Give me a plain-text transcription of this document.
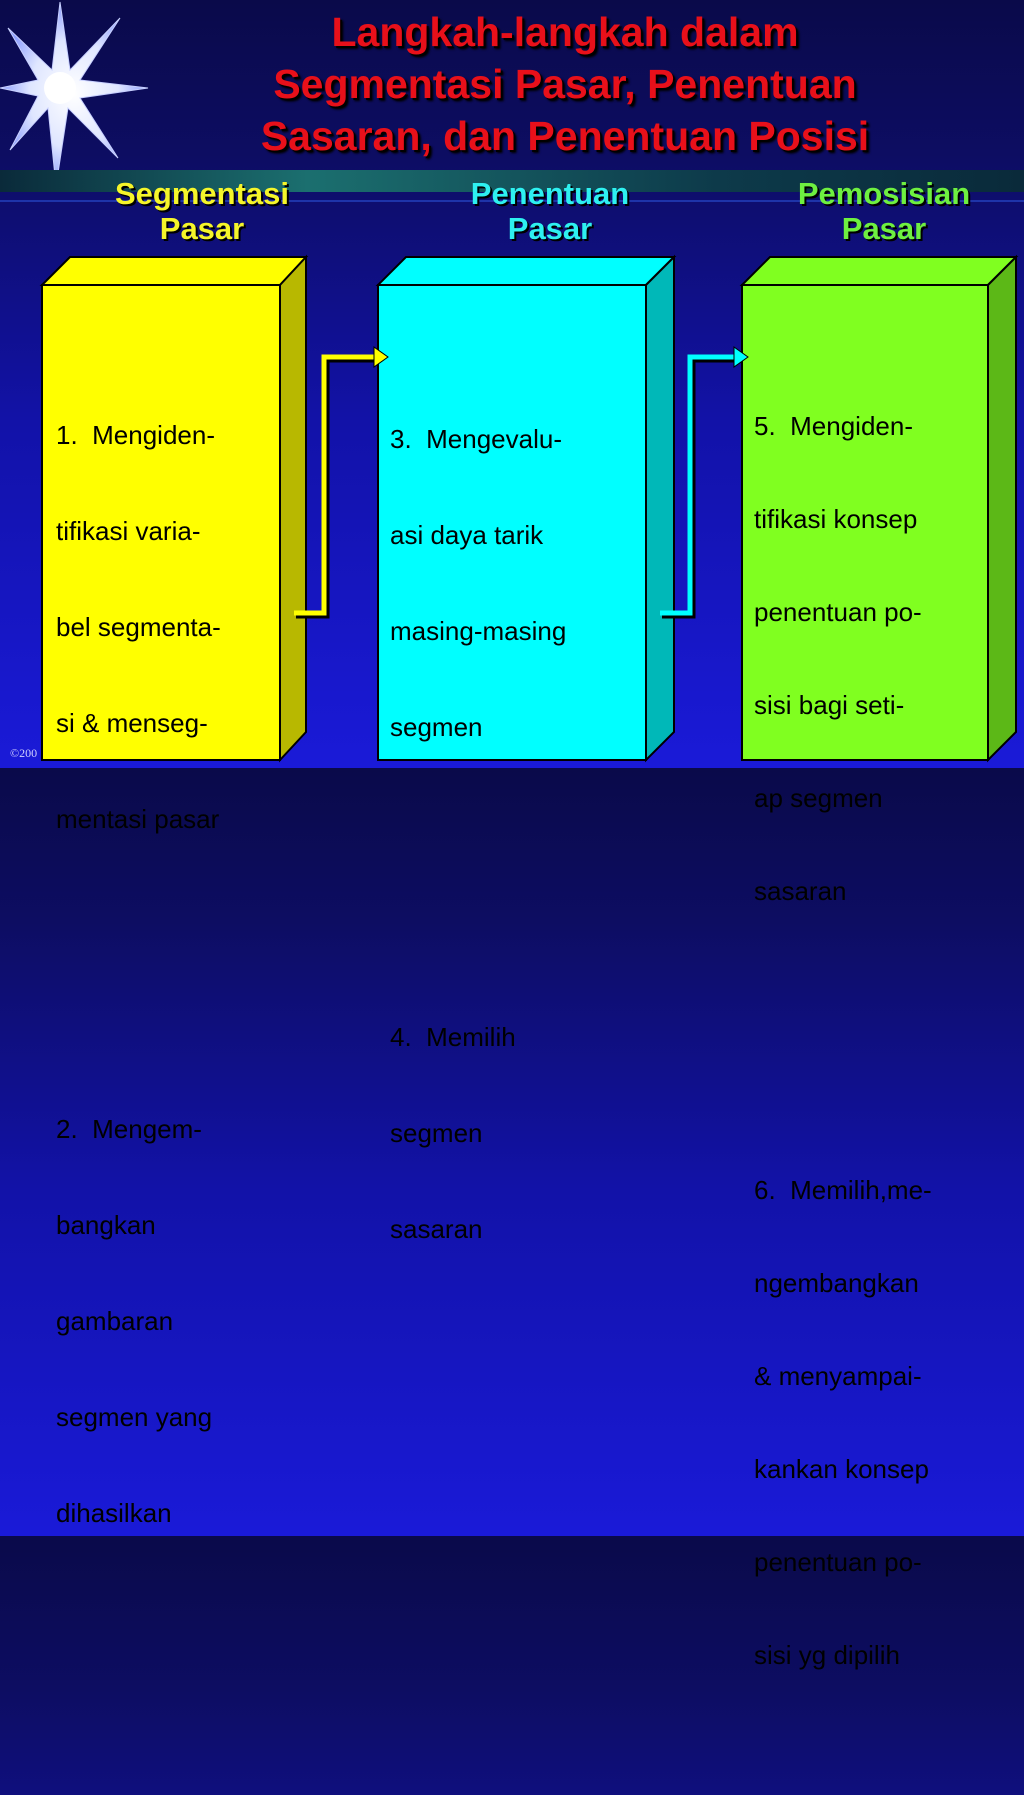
Langkah-langkah dalam
Segmentasi Pasar, Penentuan
Sasaran, dan Penentuan Posisi
Segmentasi
Pasar
Penentuan
Pasar
Pemosisian
Pasar

1.  Mengiden-

tifikasi varia-

bel segmenta-

si & menseg-

mentasi pasar

2.  Mengem-

bangkan

gambaran

segmen yang

dihasilkan

3.  Mengevalu-

asi daya tarik

masing-masing

segmen

4.  Memilih

segmen

sasaran

5.  Mengiden-

tifikasi konsep

penentuan po-

sisi bagi seti-

ap segmen

sasaran

6.  Memilih,me-

ngembangkan

& menyampai-

kankan konsep

penentuan po-

sisi yg dipilih

©200
